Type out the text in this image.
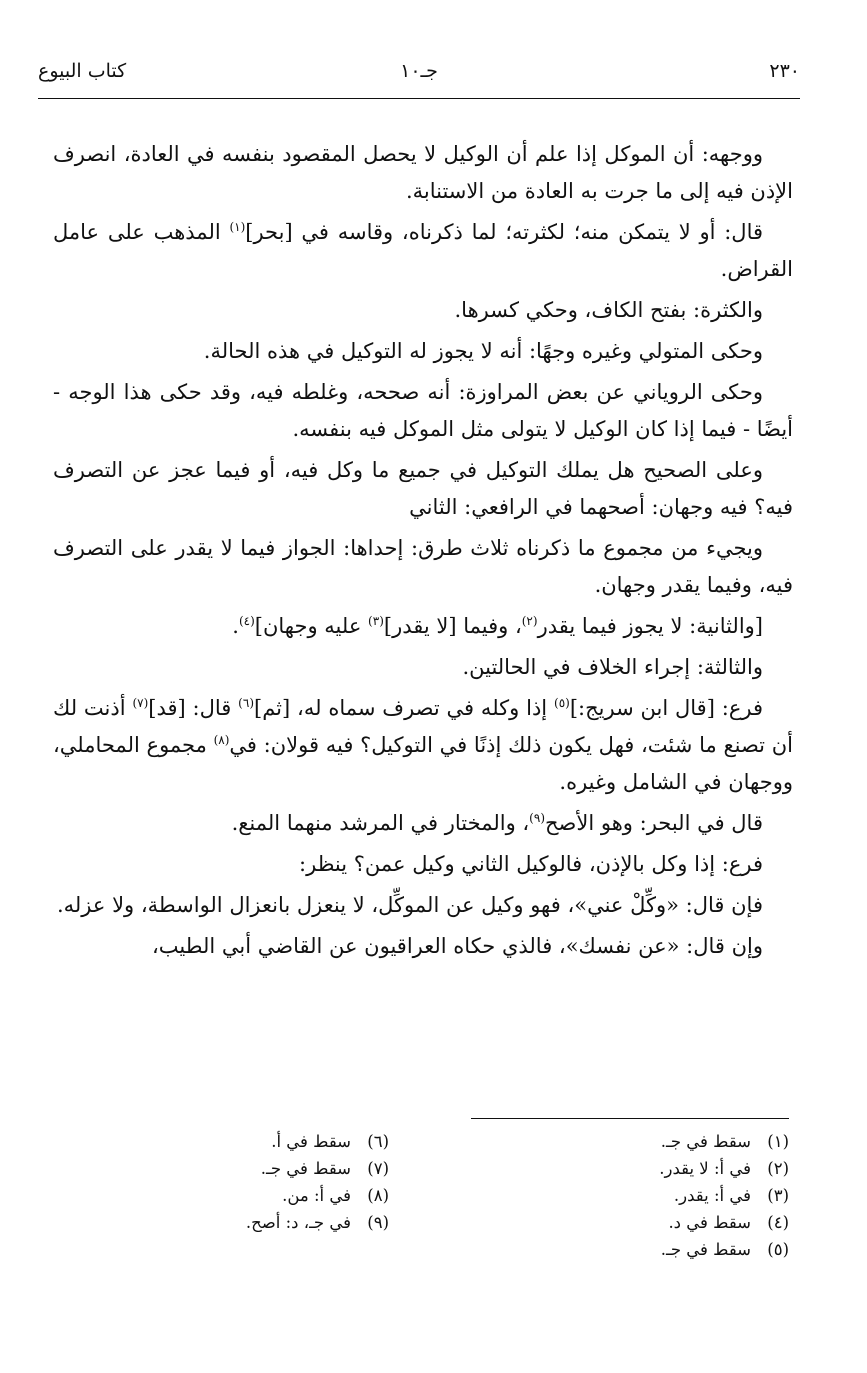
٢٣٠
جـ١٠
كتاب البيوع

ووجهه: أن الموكل إذا علم أن الوكيل لا يحصل المقصود بنفسه في العادة، انصرف الإذن فيه إلى ما جرت به العادة من الاستنابة.

قال: أو لا يتمكن منه؛ لكثرته؛ لما ذكرناه، وقاسه في [بحر]$^{(١)}$ المذهب على عامل القراض.

والكثرة: بفتح الكاف، وحكي كسرها.

وحكى المتولي وغيره وجهًا: أنه لا يجوز له التوكيل في هذه الحالة.

وحكى الروياني عن بعض المراوزة: أنه صححه، وغلطه فيه، وقد حكى هذا الوجه - أيضًا - فيما إذا كان الوكيل لا يتولى مثل الموكل فيه بنفسه.

وعلى الصحيح هل يملك التوكيل في جميع ما وكل فيه، أو فيما عجز عن التصرف فيه؟ فيه وجهان: أصحهما في الرافعي: الثاني

ويجيء من مجموع ما ذكرناه ثلاث طرق: إحداها: الجواز فيما لا يقدر على التصرف فيه، وفيما يقدر وجهان.

[والثانية: لا يجوز فيما يقدر$^{(٢)}$، وفيما [لا يقدر]$^{(٣)}$ عليه وجهان]$^{(٤)}$.

والثالثة: إجراء الخلاف في الحالتين.

فرع: [قال ابن سريج:]$^{(٥)}$ إذا وكله في تصرف سماه له، [ثم]$^{(٦)}$ قال: [قد]$^{(٧)}$ أذنت لك أن تصنع ما شئت، فهل يكون ذلك إذنًا في التوكيل؟ فيه قولان: في$^{(٨)}$ مجموع المحاملي، ووجهان في الشامل وغيره.

قال في البحر: وهو الأصح$^{(٩)}$، والمختار في المرشد منهما المنع.

فرع: إذا وكل بالإذن، فالوكيل الثاني وكيل عمن؟ ينظر:

فإن قال: «وكِّلْ عني»، فهو وكيل عن الموكِّل، لا ينعزل بانعزال الواسطة، ولا عزله.

وإن قال: «عن نفسك»، فالذي حكاه العراقيون عن القاضي أبي الطيب،

(١)سقط في جـ.
(٢)في أ: لا يقدر.
(٣)في أ: يقدر.
(٤)سقط في د.
(٥)سقط في جـ.
(٦)سقط في أ.
(٧)سقط في جـ.
(٨)في أ: من.
(٩)في جـ، د: أصح.
